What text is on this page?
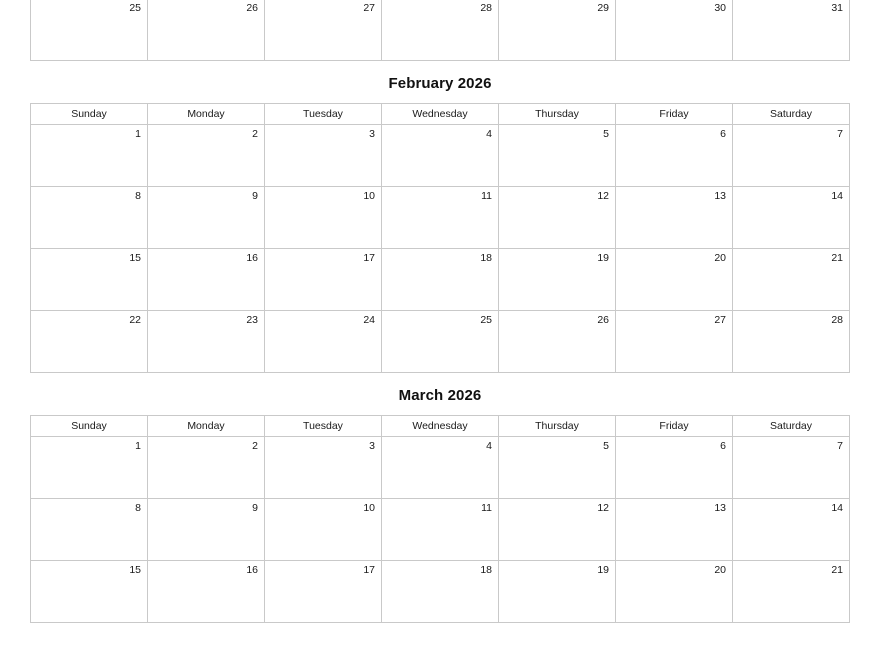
25	26	27	28	29	30	31
February 2026
Sunday	Monday	Tuesday	Wednesday	Thursday	Friday	Saturday
1	2	3	4	5	6	7
8	9	10	11	12	13	14
15	16	17	18	19	20	21
22	23	24	25	26	27	28
March 2026
Sunday	Monday	Tuesday	Wednesday	Thursday	Friday	Saturday
1	2	3	4	5	6	7
8	9	10	11	12	13	14
15	16	17	18	19	20	21
